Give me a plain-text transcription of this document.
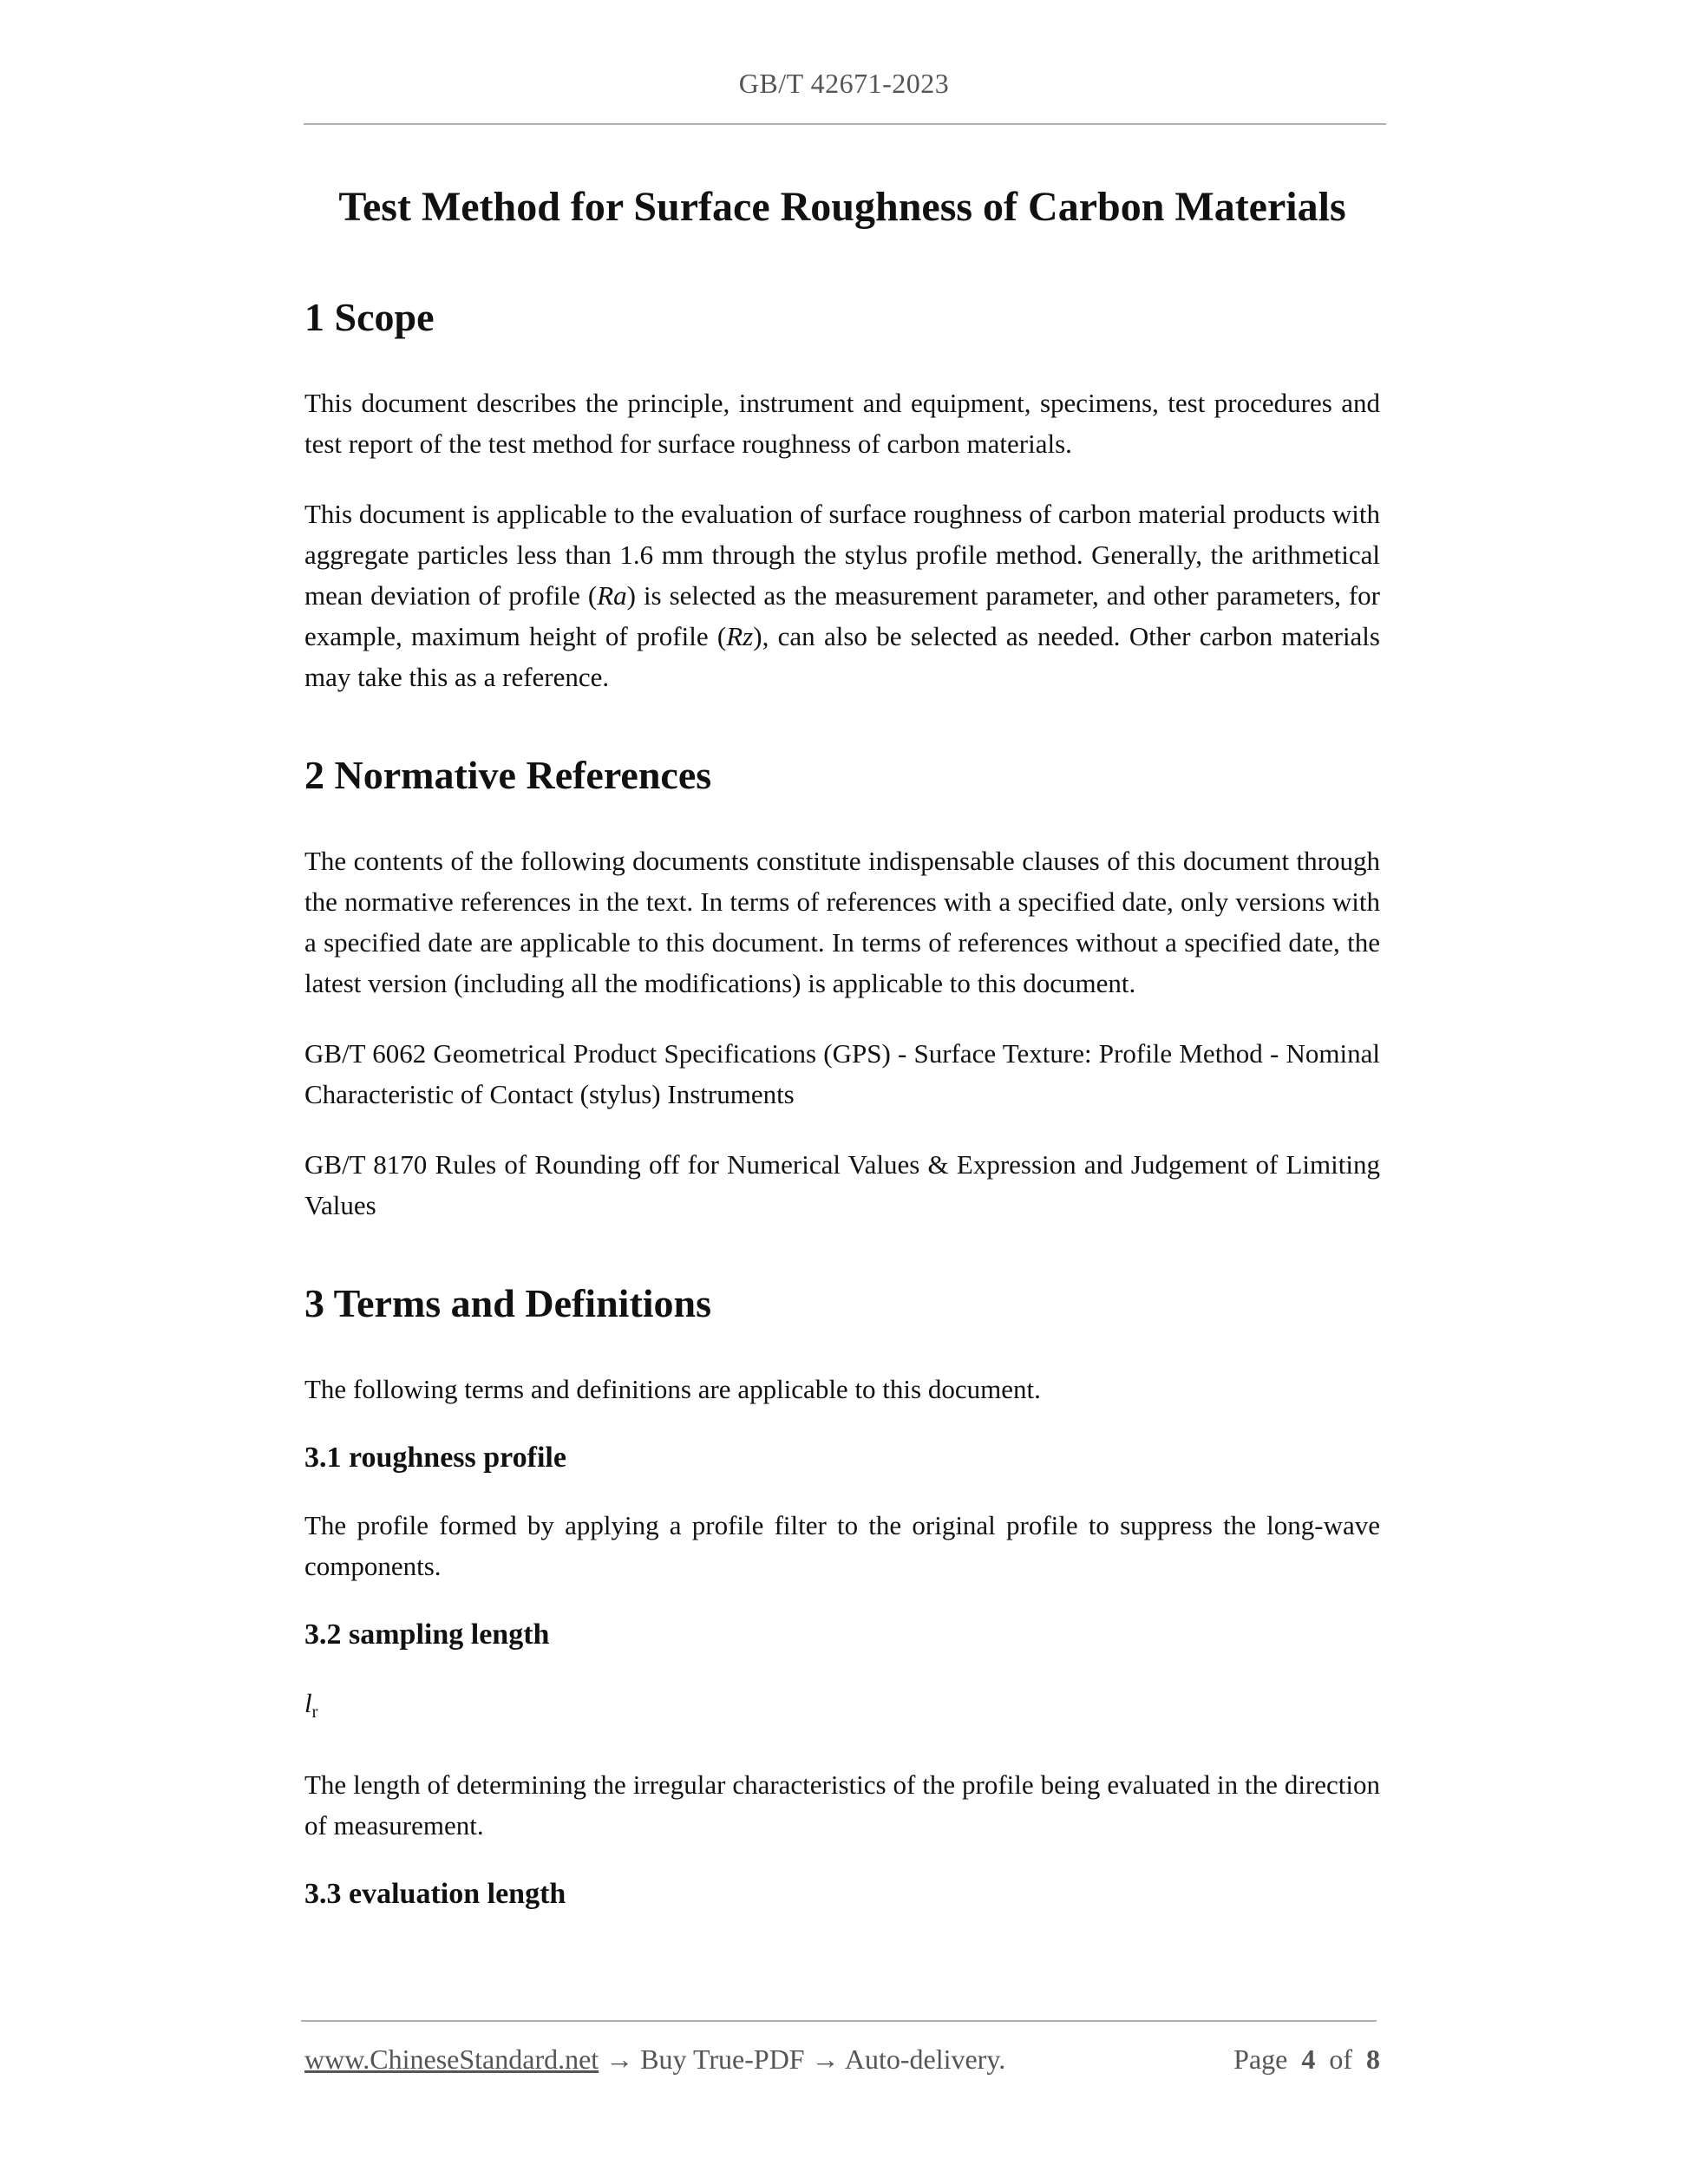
GB/T 42671-2023
Test Method for Surface Roughness of Carbon Materials
1 Scope

This document describes the principle, instrument and equipment, specimens, test procedures and test report of the test method for surface roughness of carbon materials.

This document is applicable to the evaluation of surface roughness of carbon material products with aggregate particles less than 1.6 mm through the stylus profile method. Generally, the arithmetical mean deviation of profile (Ra) is selected as the measurement parameter, and other parameters, for example, maximum height of profile (Rz), can also be selected as needed. Other carbon materials may take this as a reference.

2 Normative References

The contents of the following documents constitute indispensable clauses of this document through the normative references in the text. In terms of references with a specified date, only versions with a specified date are applicable to this document. In terms of references without a specified date, the latest version (including all the modifications) is applicable to this document.

GB/T 6062 Geometrical Product Specifications (GPS) - Surface Texture: Profile Method - Nominal Characteristic of Contact (stylus) Instruments

GB/T 8170 Rules of Rounding off for Numerical Values & Expression and Judgement of Limiting Values

3 Terms and Definitions

The following terms and definitions are applicable to this document.

3.1 roughness profile

The profile formed by applying a profile filter to the original profile to suppress the long-wave components.

3.2 sampling length
$l_r$

The length of determining the irregular characteristics of the profile being evaluated in the direction of measurement.

3.3 evaluation length
www.ChineseStandard.net → Buy True-PDF → Auto-delivery.	Page 4 of 8
